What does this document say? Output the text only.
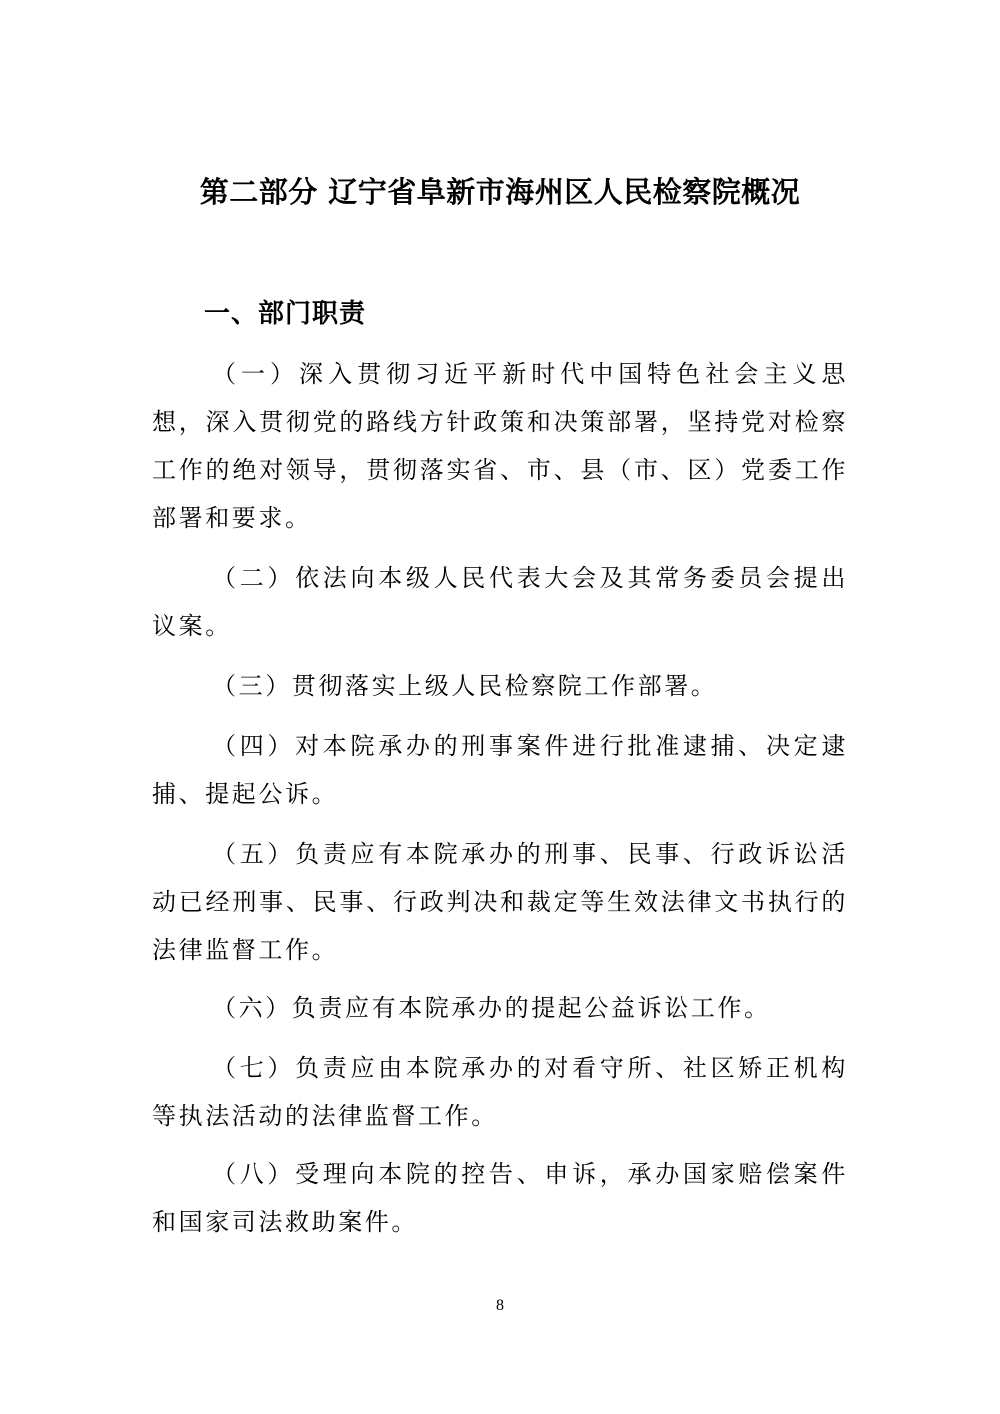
第二部分 辽宁省阜新市海州区人民检察院概况
一、部门职责

（一）深入贯彻习近平新时代中国特色社会主义思想，深入贯彻党的路线方针政策和决策部署，坚持党对检察工作的绝对领导，贯彻落实省、市、县（市、区）党委工作部署和要求。

（二）依法向本级人民代表大会及其常务委员会提出议案。

（三）贯彻落实上级人民检察院工作部署。

（四）对本院承办的刑事案件进行批准逮捕、决定逮捕、提起公诉。

（五）负责应有本院承办的刑事、民事、行政诉讼活动已经刑事、民事、行政判决和裁定等生效法律文书执行的法律监督工作。

（六）负责应有本院承办的提起公益诉讼工作。

（七）负责应由本院承办的对看守所、社区矫正机构等执法活动的法律监督工作。

（八）受理向本院的控告、申诉，承办国家赔偿案件和国家司法救助案件。

8
